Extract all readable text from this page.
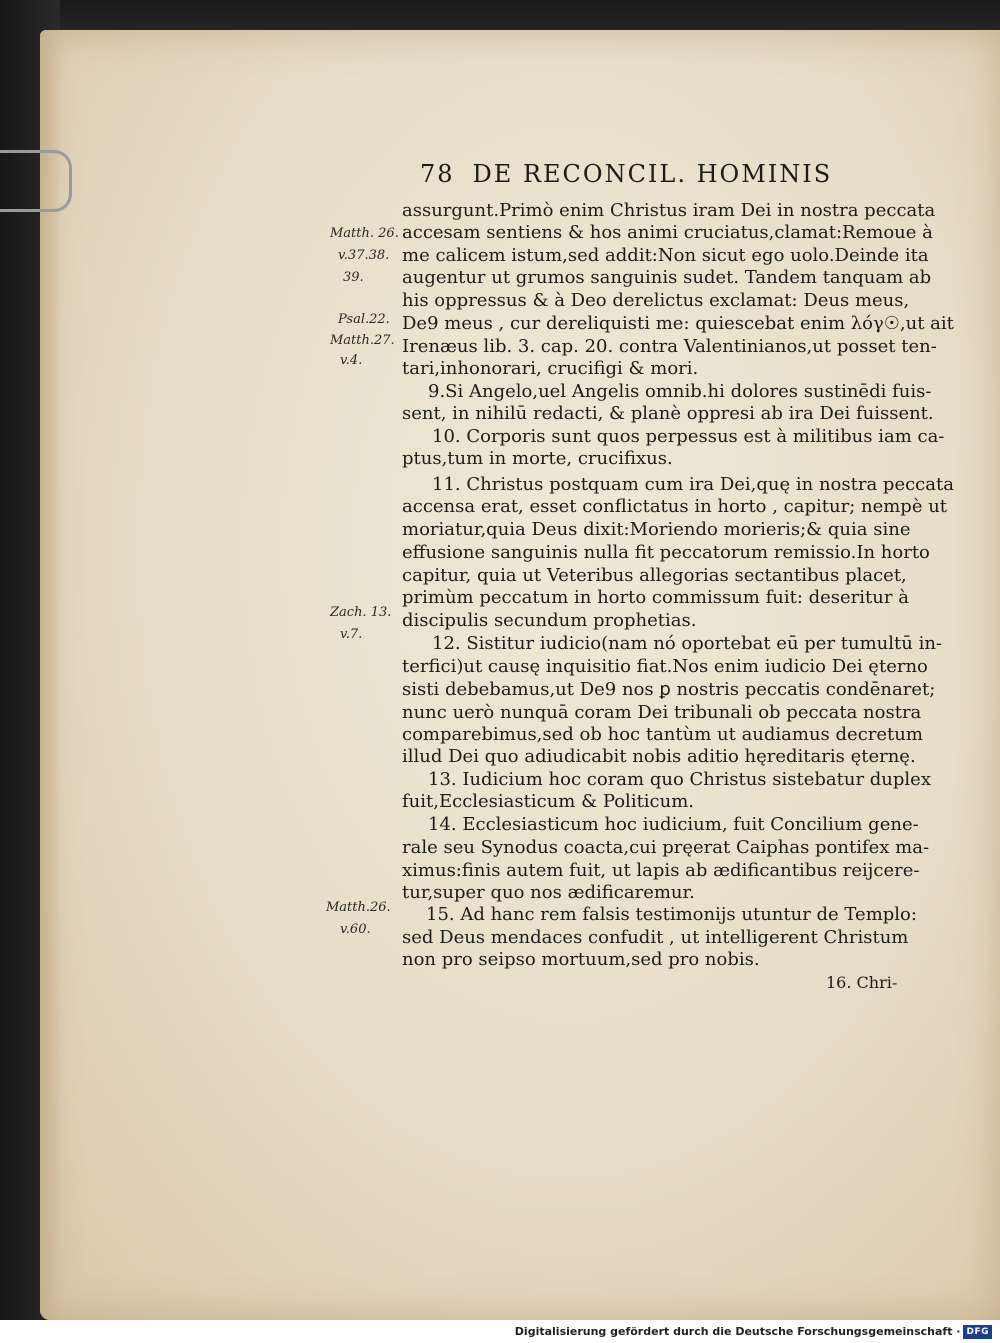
78 DE RECONCIL. HOMINIS
assurgunt.Primò enim Christus iram Dei in nostra peccata
accesam sentiens & hos animi cruciatus,clamat:Remoue à
me calicem istum,sed addit:Non sicut ego uolo.Deinde ita
augentur ut grumos sanguinis sudet. Tandem tanquam ab
his oppressus & à Deo derelictus exclamat: Deus meus,
De9 meus , cur dereliquisti me: quiescebat enim λόγ☉,ut ait
Irenæus lib. 3. cap. 20. contra Valentinianos,ut posset ten-
tari,inhonorari, crucifigi & mori.
9.Si Angelo,uel Angelis omnib.hi dolores sustinēdi fuis-
sent, in nihilū redacti, & planè oppresi ab ira Dei fuissent.
10. Corporis sunt quos perpessus est à militibus iam ca-
ptus,tum in morte, crucifixus.
11. Christus postquam cum ira Dei,quę in nostra peccata
accensa erat, esset conflictatus in horto , capitur; nempè ut
moriatur,quia Deus dixit:Moriendo morieris;& quia sine
effusione sanguinis nulla fit peccatorum remissio.In horto
capitur, quia ut Veteribus allegorias sectantibus placet,
primùm peccatum in horto commissum fuit: deseritur à
discipulis secundum prophetias.
12. Sistitur iudicio(nam nó oportebat eū per tumultū in-
terfici)ut causę inquisitio fiat.Nos enim iudicio Dei ęterno
sisti debebamus,ut De9 nos ꝑ nostris peccatis condēnaret;
nunc uerò nunquā coram Dei tribunali ob peccata nostra
comparebimus,sed ob hoc tantùm ut audiamus decretum
illud Dei quo adiudicabit nobis aditio hęreditaris ęternę.
13. Iudicium hoc coram quo Christus sistebatur duplex
fuit,Ecclesiasticum & Politicum.
14. Ecclesiasticum hoc iudicium, fuit Concilium gene-
rale seu Synodus coacta,cui pręerat Caiphas pontifex ma-
ximus:finis autem fuit, ut lapis ab ædificantibus reijcere-
tur,super quo nos ædificaremur.
15. Ad hanc rem falsis testimonijs utuntur de Templo:
sed Deus mendaces confudit , ut intelligerent Christum
non pro seipso mortuum,sed pro nobis.
Matth. 26.
v.37.38.
39.
Psal.22.
Matth.27.
v.4.
Zach. 13.
v.7.
Matth.26.
v.60.
16. Chri-
Digitalisierung gefördert durch die Deutsche Forschungsgemeinschaft · DFG
